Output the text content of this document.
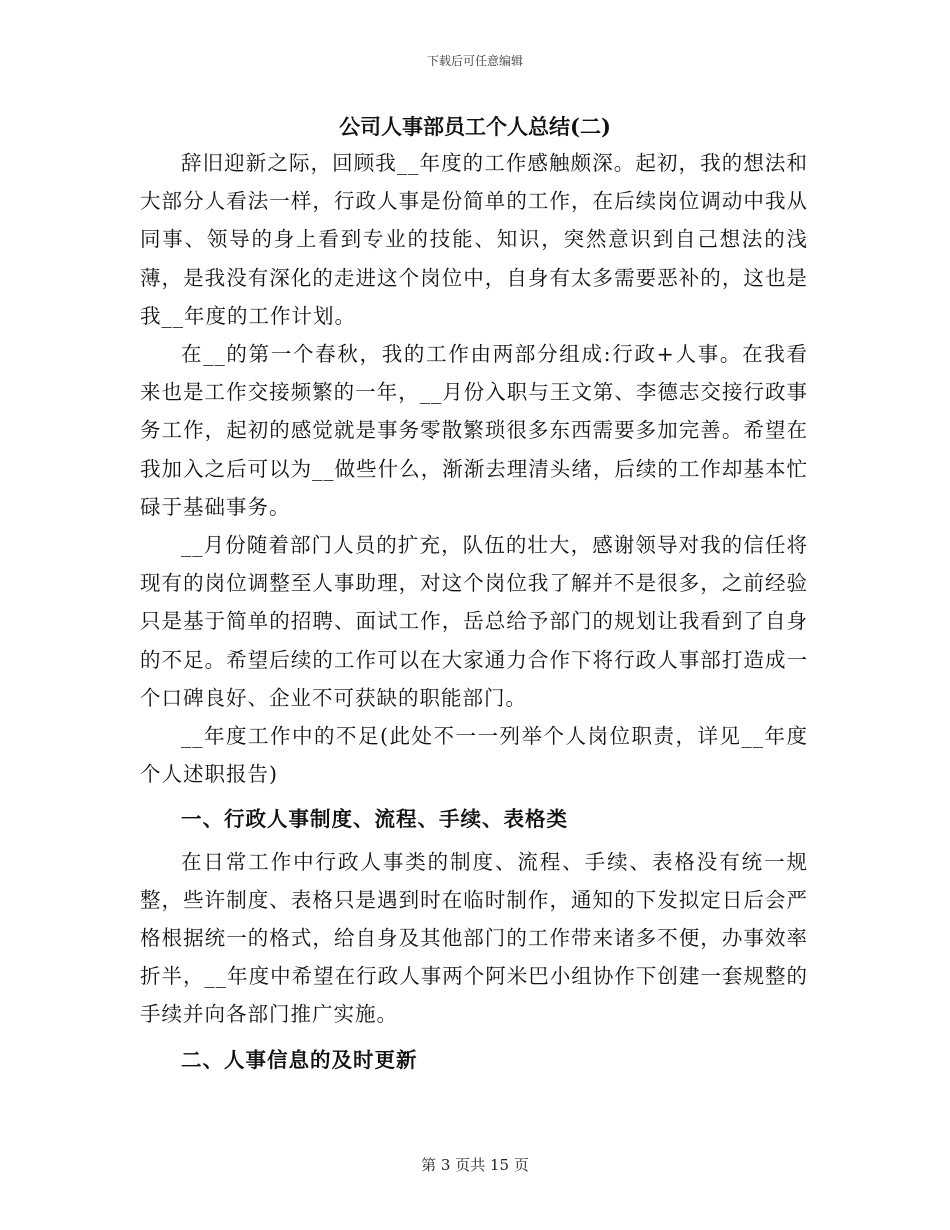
下载后可任意编辑
公司人事部员工个人总结(二)

辞旧迎新之际，回顾我__年度的工作感触颇深。起初，我的想法和大部分人看法一样，行政人事是份简单的工作，在后续岗位调动中我从同事、领导的身上看到专业的技能、知识，突然意识到自己想法的浅薄，是我没有深化的走进这个岗位中，自身有太多需要恶补的，这也是我__年度的工作计划。

在__的第一个春秋，我的工作由两部分组成:行政+人事。在我看来也是工作交接频繁的一年，__月份入职与王文第、李德志交接行政事务工作，起初的感觉就是事务零散繁琐很多东西需要多加完善。希望在我加入之后可以为__做些什么，渐渐去理清头绪，后续的工作却基本忙碌于基础事务。

__月份随着部门人员的扩充，队伍的壮大，感谢领导对我的信任将现有的岗位调整至人事助理，对这个岗位我了解并不是很多，之前经验只是基于简单的招聘、面试工作，岳总给予部门的规划让我看到了自身的不足。希望后续的工作可以在大家通力合作下将行政人事部打造成一个口碑良好、企业不可获缺的职能部门。

__年度工作中的不足(此处不一一列举个人岗位职责，详见__年度个人述职报告)

一、行政人事制度、流程、手续、表格类

在日常工作中行政人事类的制度、流程、手续、表格没有统一规整，些许制度、表格只是遇到时在临时制作，通知的下发拟定日后会严格根据统一的格式，给自身及其他部门的工作带来诸多不便，办事效率折半，__年度中希望在行政人事两个阿米巴小组协作下创建一套规整的手续并向各部门推广实施。

二、人事信息的及时更新

第 3 页共 15 页
